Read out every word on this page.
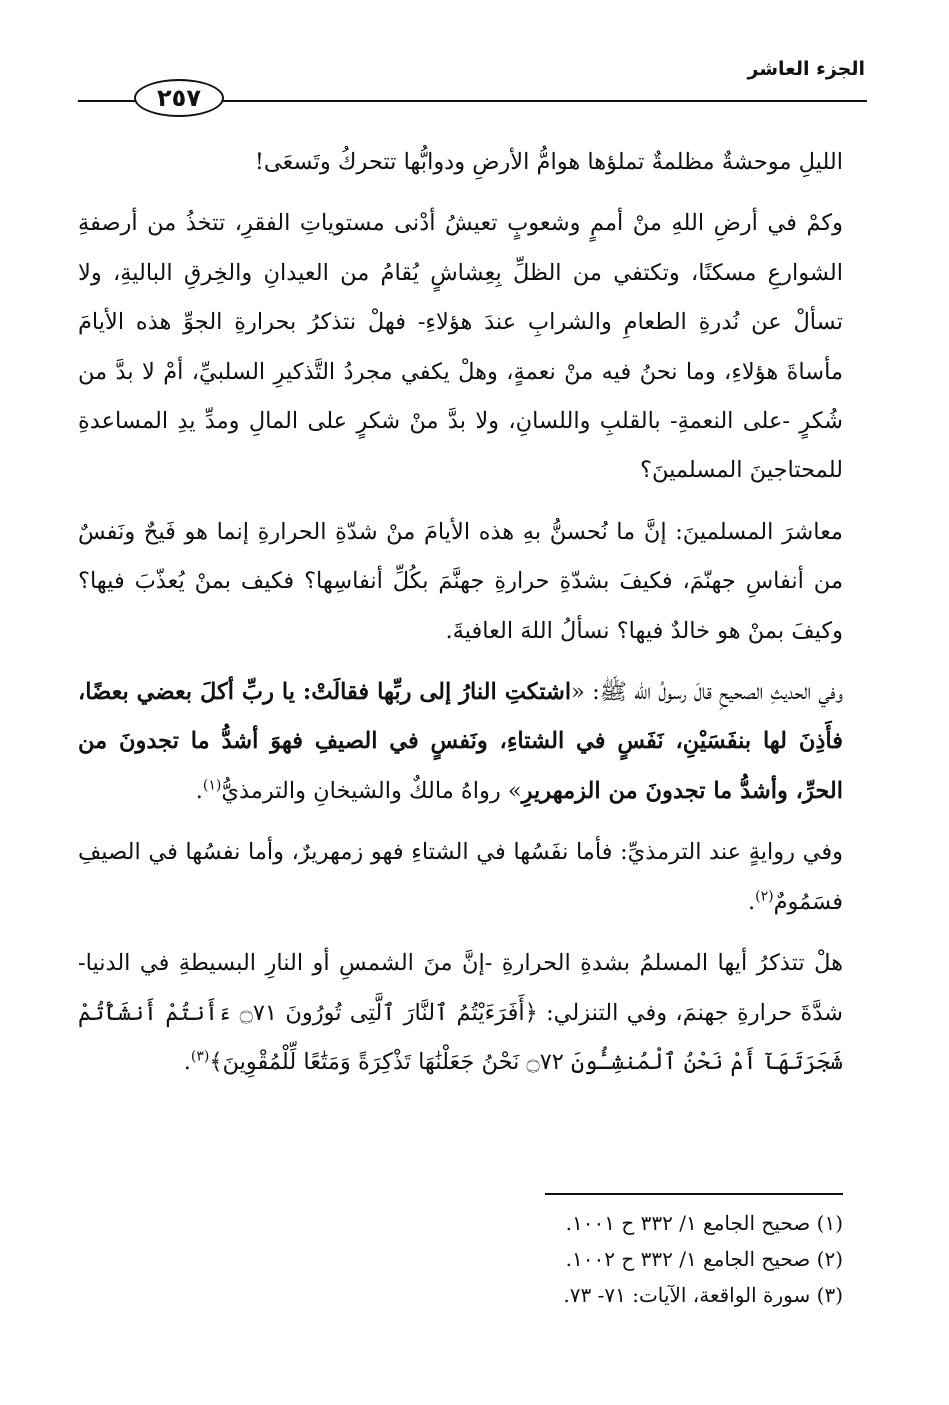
الجزء العاشر
٢٥٧

الليلِ موحشةٌ مظلمةٌ تملؤها هوامُّ الأرضِ ودوابُّها تتحركُ وتَسعَى!

وكمْ في أرضِ اللهِ منْ أممٍ وشعوبٍ تعيشُ أدْنى مستوياتِ الفقرِ، تتخذُ من أرصفةِ الشوارعِ مسكنًا، وتكتفي من الظلِّ بِعِشاشٍ يُقامُ من العيدانِ والخِرقِ الباليةِ، ولا تسألْ عن نُدرةِ الطعامِ والشرابِ عندَ هؤلاءِ- فهلْ نتذكرُ بحرارةِ الجوِّ هذه الأيامَ مأساةَ هؤلاءِ، وما نحنُ فيه منْ نعمةٍ، وهلْ يكفي مجردُ التَّذكيرِ السلبيِّ، أمْ لا بدَّ من شُكرٍ -على النعمةِ- بالقلبِ واللسانِ، ولا بدَّ منْ شكرٍ على المالِ ومدِّ يدِ المساعدةِ للمحتاجينَ المسلمينَ؟

معاشرَ المسلمينَ: إنَّ ما نُحسنُّ بهِ هذه الأيامَ منْ شدّةِ الحرارةِ إنما هو فَيحٌ ونَفسٌ من أنفاسِ جهنّمَ، فكيفَ بشدّةِ حرارةِ جهنَّمَ بكُلِّ أنفاسِها؟ فكيف بمنْ يُعذّبَ فيها؟ وكيفَ بمنْ هو خالدٌ فيها؟ نسألُ اللهَ العافيةَ.

وفي الحديثِ الصحيحِ قالَ رسولُ الله ﷺ: «اشتكتِ النارُ إلى ربِّها فقالَتْ: يا ربِّ أكلَ بعضي بعضًا، فأَذِنَ لها بنفَسَيْنِ، نَفَسٍ في الشتاءِ، ونَفسٍ في الصيفِ فهوَ أشدُّ ما تجدونَ من الحرِّ، وأشدُّ ما تجدونَ من الزمهريرِ» رواهُ مالكٌ والشيخانِ والترمذيُّ$^{(١)}$.

وفي روايةٍ عند الترمذيِّ: فأما نفَسُها في الشتاءِ فهو زمهريرٌ، وأما نفسُها في الصيفِ فسَمُومٌ$^{(٢)}$.

هلْ تتذكرُ أيها المسلمُ بشدةِ الحرارةِ -إنَّ منَ الشمسِ أو النارِ البسيطةِ في الدنيا- شدَّةَ حرارةِ جهنمَ، وفي التنزلي: ﴿أَفَرَءَيْتُمُ ٱلنَّارَ ٱلَّتِى تُورُونَ ۝٧١ ءَأَنتُمْ أَنشَأْتُمْ شَجَرَتَهَآ أَمْ نَحْنُ ٱلْمُنشِـُٔونَ ۝٧٢ نَحْنُ جَعَلْنَٰهَا تَذْكِرَةً وَمَتَٰعًا لِّلْمُقْوِينَ﴾$^{(٣)}$.

(١) صحيح الجامع ١/ ٣٣٢ ح ١٠٠١.
(٢) صحيح الجامع ١/ ٣٣٢ ح ١٠٠٢.
(٣) سورة الواقعة، الآيات: ٧١- ٧٣.
